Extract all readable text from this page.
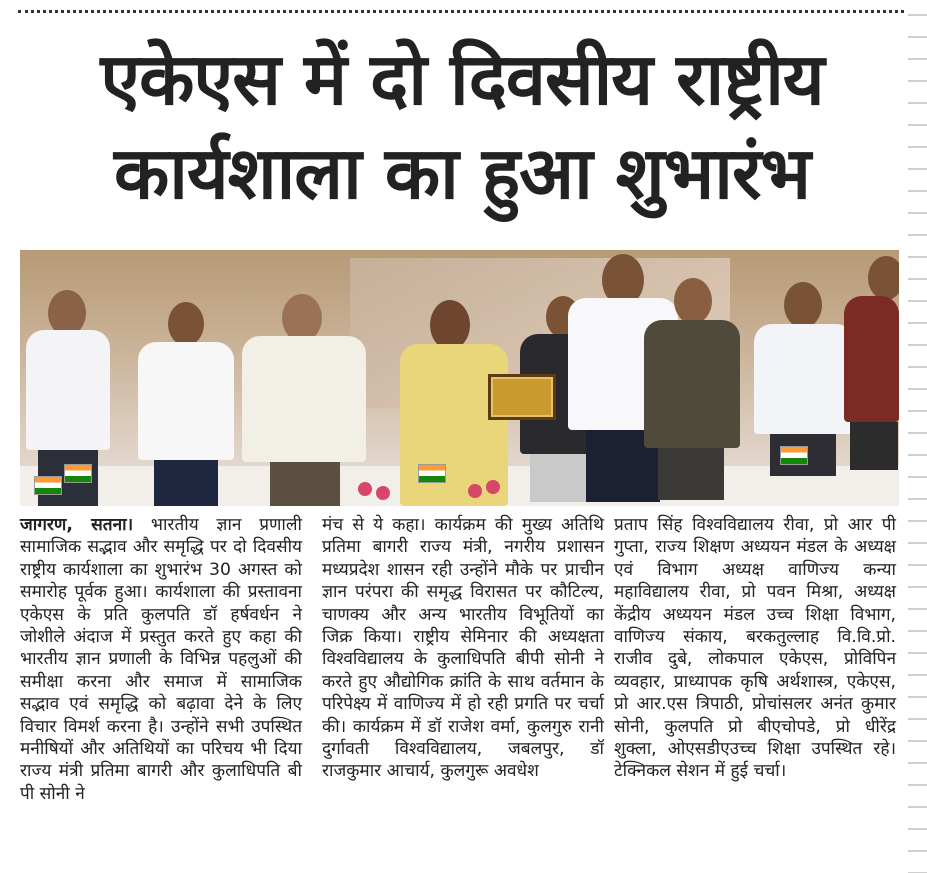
एकेएस में दो दिवसीय राष्ट्रीय
कार्यशाला का हुआ शुभारंभ

जागरण, सतना। भारतीय ज्ञान प्रणाली सामाजिक सद्भाव और समृद्धि पर दो दिवसीय राष्ट्रीय कार्यशाला का शुभारंभ 30 अगस्त को समारोह पूर्वक हुआ। कार्यशाला की प्रस्तावना एकेएस के प्रति कुलपति डॉ हर्षवर्धन ने जोशीले अंदाज में प्रस्तुत करते हुए कहा की भारतीय ज्ञान प्रणाली के विभिन्न पहलुओं की समीक्षा करना और समाज में सामाजिक सद्भाव एवं समृद्धि को बढ़ावा देने के लिए विचार विमर्श करना है। उन्होंने सभी उपस्थित मनीषियों और अतिथियों का परिचय भी दिया राज्य मंत्री प्रतिमा बागरी और कुलाधिपति बी पी सोनी ने

मंच से ये कहा। कार्यक्रम की मुख्य अतिथि प्रतिमा बागरी राज्य मंत्री, नगरीय प्रशासन मध्यप्रदेश शासन रही उन्होंने मौके पर प्राचीन ज्ञान परंपरा की समृद्ध विरासत पर कौटिल्य, चाणक्य और अन्य भारतीय विभूतियों का जिक्र किया। राष्ट्रीय सेमिनार की अध्यक्षता विश्वविद्यालय के कुलाधिपति बीपी सोनी ने करते हुए औद्योगिक क्रांति के साथ वर्तमान के परिपेक्ष्य में वाणिज्य में हो रही प्रगति पर चर्चा की। कार्यक्रम में डॉ राजेश वर्मा, कुलगुरु रानी दुर्गावती विश्वविद्यालय, जबलपुर, डॉ राजकुमार आचार्य, कुलगुरू अवधेश

प्रताप सिंह विश्वविद्यालय रीवा, प्रो आर पी गुप्ता, राज्य शिक्षण अध्ययन मंडल के अध्यक्ष एवं विभाग अध्यक्ष वाणिज्य कन्या महाविद्यालय रीवा, प्रो पवन मिश्रा, अध्यक्ष केंद्रीय अध्ययन मंडल उच्च शिक्षा विभाग, वाणिज्य संकाय, बरकतुल्लाह वि.वि.प्रो. राजीव दुबे, लोकपाल एकेएस, प्रोविपिन व्यवहार, प्राध्यापक कृषि अर्थशास्त्र, एकेएस, प्रो आर.एस त्रिपाठी, प्रोचांसलर अनंत कुमार सोनी, कुलपति प्रो बीएचोपडे, प्रो धीरेंद्र शुक्ला, ओएसडीएउच्च शिक्षा उपस्थित रहे। टेक्निकल सेशन में हुई चर्चा।
